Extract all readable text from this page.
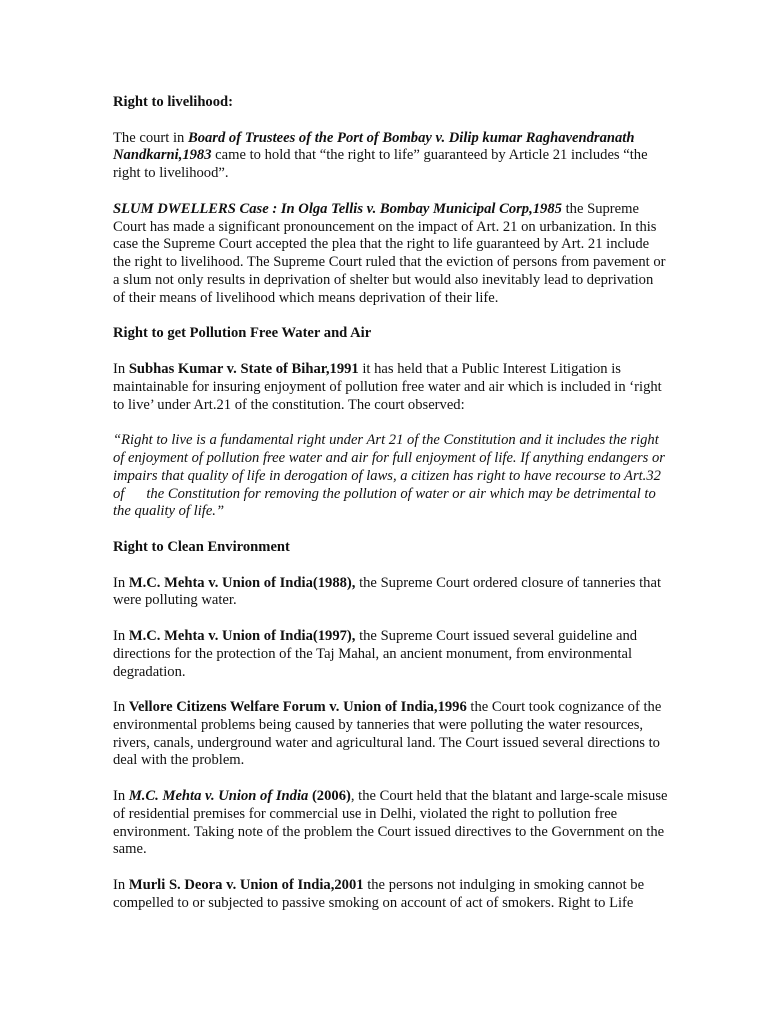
Right to livelihood:

The court in Board of Trustees of the Port of Bombay v. Dilip kumar Raghavendranath Nandkarni,1983 came to hold that “the right to life” guaranteed by Article 21 includes “the right to livelihood”.

SLUM DWELLERS Case : In Olga Tellis v. Bombay Municipal Corp,1985 the Supreme Court has made a significant pronouncement on the impact of Art. 21 on urbanization. In this case the Supreme Court accepted the plea that the right to life guaranteed by Art. 21 include the right to livelihood. The Supreme Court ruled that the eviction of persons from pavement or a slum not only results in deprivation of shelter but would also inevitably lead to deprivation of their means of livelihood which means deprivation of their life.

Right to get Pollution Free Water and Air

In Subhas Kumar v. State of Bihar,1991 it has held that a Public Interest Litigation is maintainable for insuring enjoyment of pollution free water and air which is included in ‘right to live’ under Art.21 of the constitution. The court observed:

“Right to live is a fundamental right under Art 21 of the Constitution and it includes the right of enjoyment of pollution free water and air for full enjoyment of life. If anything endangers or impairs that quality of life in derogation of laws, a citizen has right to have recourse to Art.32 of the Constitution for removing the pollution of water or air which may be detrimental to the quality of life.”

Right to Clean Environment

In M.C. Mehta v. Union of India(1988), the Supreme Court ordered closure of tanneries that were polluting water.

In M.C. Mehta v. Union of India(1997), the Supreme Court issued several guideline and directions for the protection of the Taj Mahal, an ancient monument, from environmental degradation.

In Vellore Citizens Welfare Forum v. Union of India,1996 the Court took cognizance of the environmental problems being caused by tanneries that were polluting the water resources, rivers, canals, underground water and agricultural land. The Court issued several directions to deal with the problem.

In M.C. Mehta v. Union of India (2006), the Court held that the blatant and large-scale misuse of residential premises for commercial use in Delhi, violated the right to pollution free environment. Taking note of the problem the Court issued directives to the Government on the same.

In Murli S. Deora v. Union of India,2001 the persons not indulging in smoking cannot be compelled to or subjected to passive smoking on account of act of smokers. Right to Life
